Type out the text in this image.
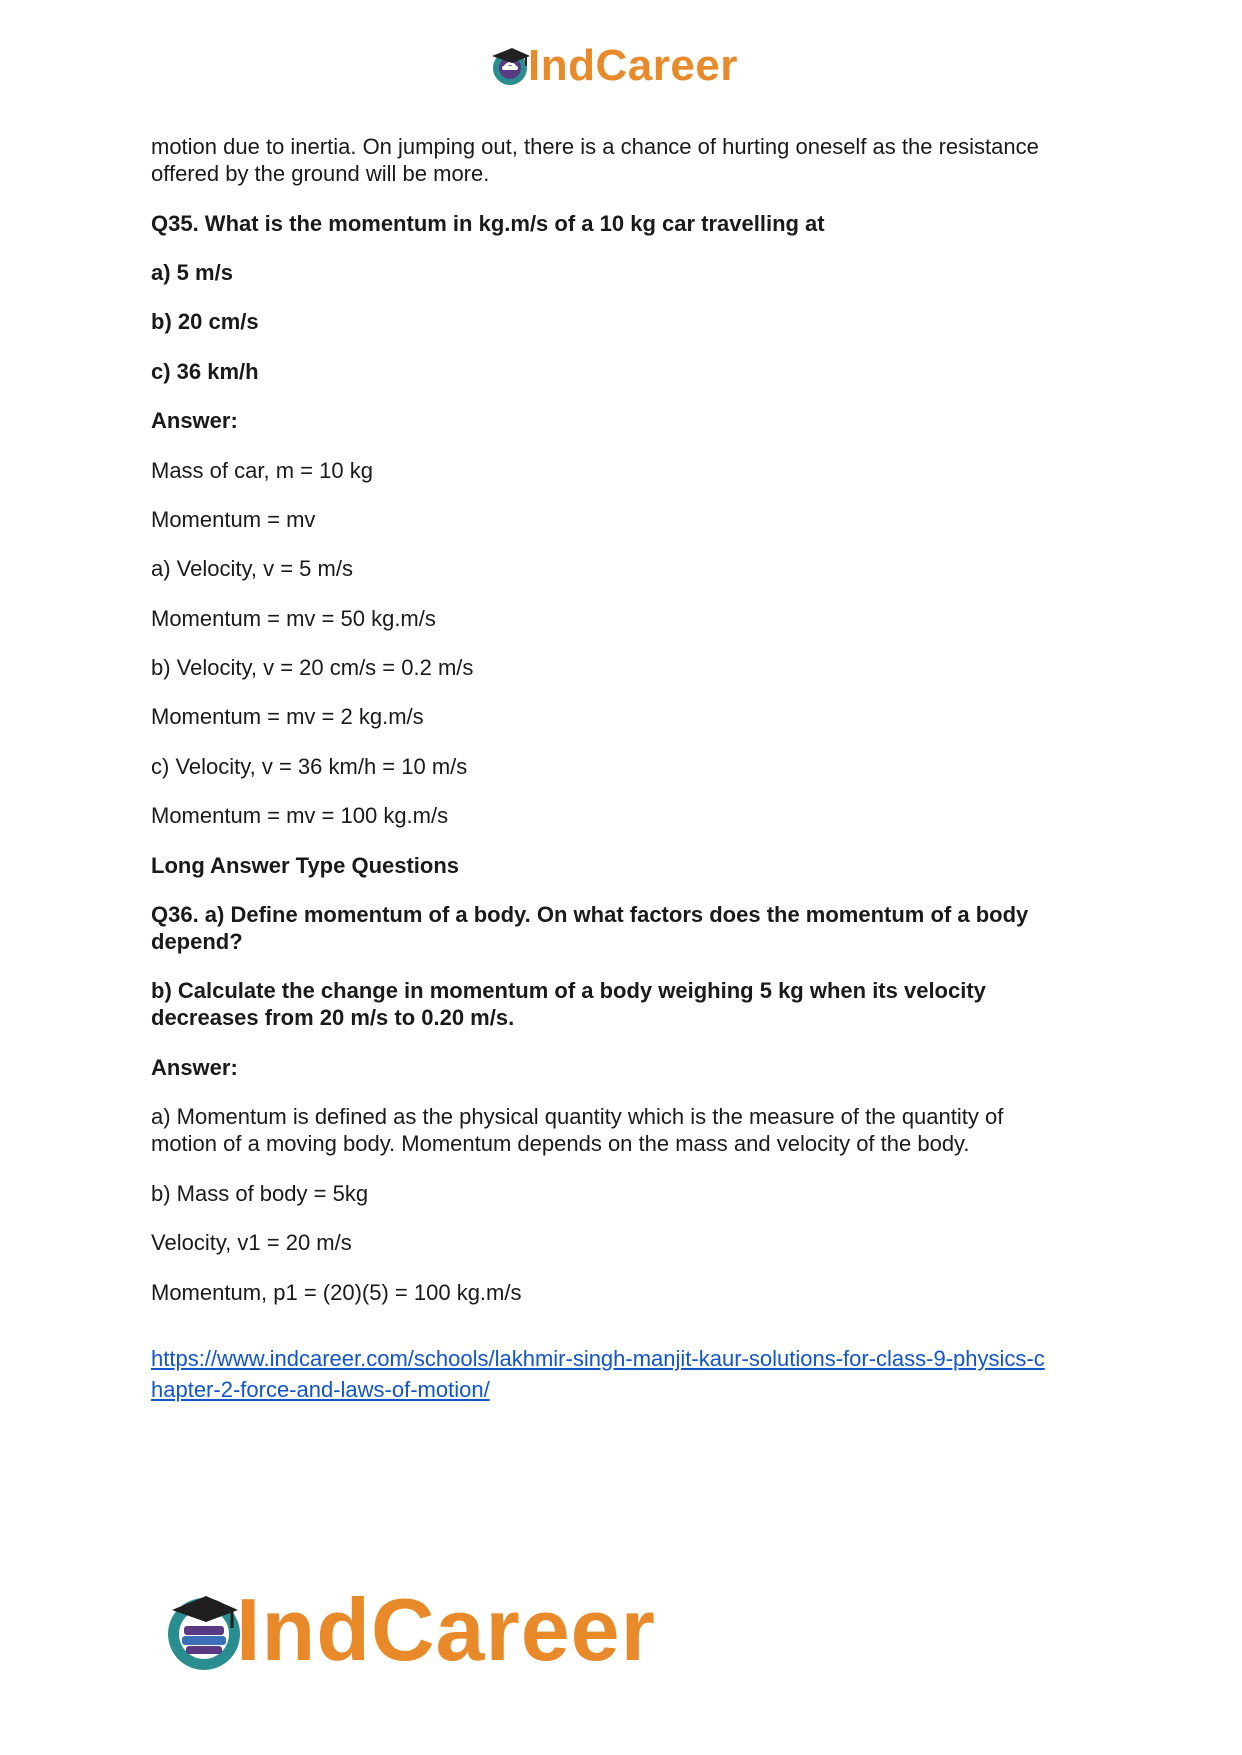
IndCareer

motion due to inertia. On jumping out, there is a chance of hurting oneself as the resistance

offered by the ground will be more.

Q35. What is the momentum in kg.m/s of a 10 kg car travelling at

a) 5 m/s

b) 20 cm/s

c) 36 km/h

Answer:

Mass of car, m = 10 kg

Momentum = mv

a) Velocity, v = 5 m/s

Momentum = mv = 50 kg.m/s

b) Velocity, v = 20 cm/s = 0.2 m/s

Momentum = mv = 2 kg.m/s

c) Velocity, v = 36 km/h = 10 m/s

Momentum = mv = 100 kg.m/s

Long Answer Type Questions

Q36. a) Define momentum of a body. On what factors does the momentum of a body

depend?

b) Calculate the change in momentum of a body weighing 5 kg when its velocity

decreases from 20 m/s to 0.20 m/s.

Answer:

a) Momentum is defined as the physical quantity which is the measure of the quantity of

motion of a moving body. Momentum depends on the mass and velocity of the body.

b) Mass of body = 5kg

Velocity, v1 = 20 m/s

Momentum, p1 = (20)(5) = 100 kg.m/s

https://www.indcareer.com/schools/lakhmir-singh-manjit-kaur-solutions-for-class-9-physics-c
hapter-2-force-and-laws-of-motion/
IndCareer
